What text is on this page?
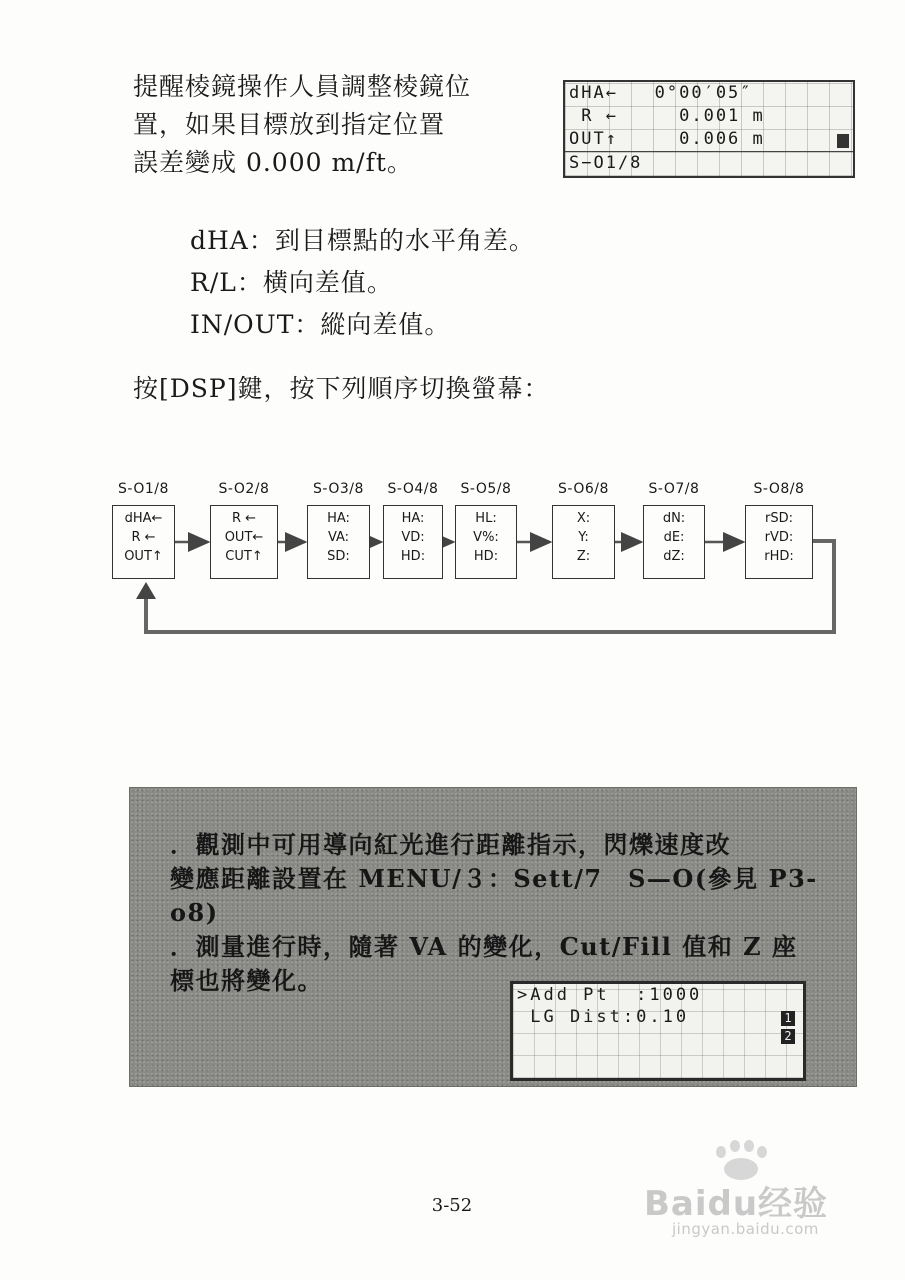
提醒棱鏡操作人員調整棱鏡位
置，如果目標放到指定位置
誤差變成 0.000 m/ft。
dHA←   0°00′05″
R ←     0.001 m
OUT↑     0.006 m
S−O1/8
dHA：到目標點的水平角差。
R/L：横向差值。
IN/OUT：縱向差值。
按[DSP]鍵，按下列順序切換螢幕：
S-O1/8
dHA←
R ←
OUT↑
S-O2/8
R ←
OUT←
CUT↑
S-O3/8
HA:
VA:
SD:
S-O4/8
HA:
VD:
HD:
S-O5/8
HL:
V%:
HD:
S-O6/8
X:
Y:
Z:
S-O7/8
dN:
dE:
dZ:
S-O8/8
rSD:
rVD:
rHD:
．觀測中可用導向紅光進行距離指示，閃爍速度改
變應距離設置在 MENU/３：Sett/7　S—O(參見 P3-
o8)
．測量進行時，隨著 VA 的變化，Cut/Fill 值和 Z 座
標也將變化。	>Add Pt  :1000
LG Dist:0.10	1
2
3-52	Baidu经验
jingyan.baidu.com
